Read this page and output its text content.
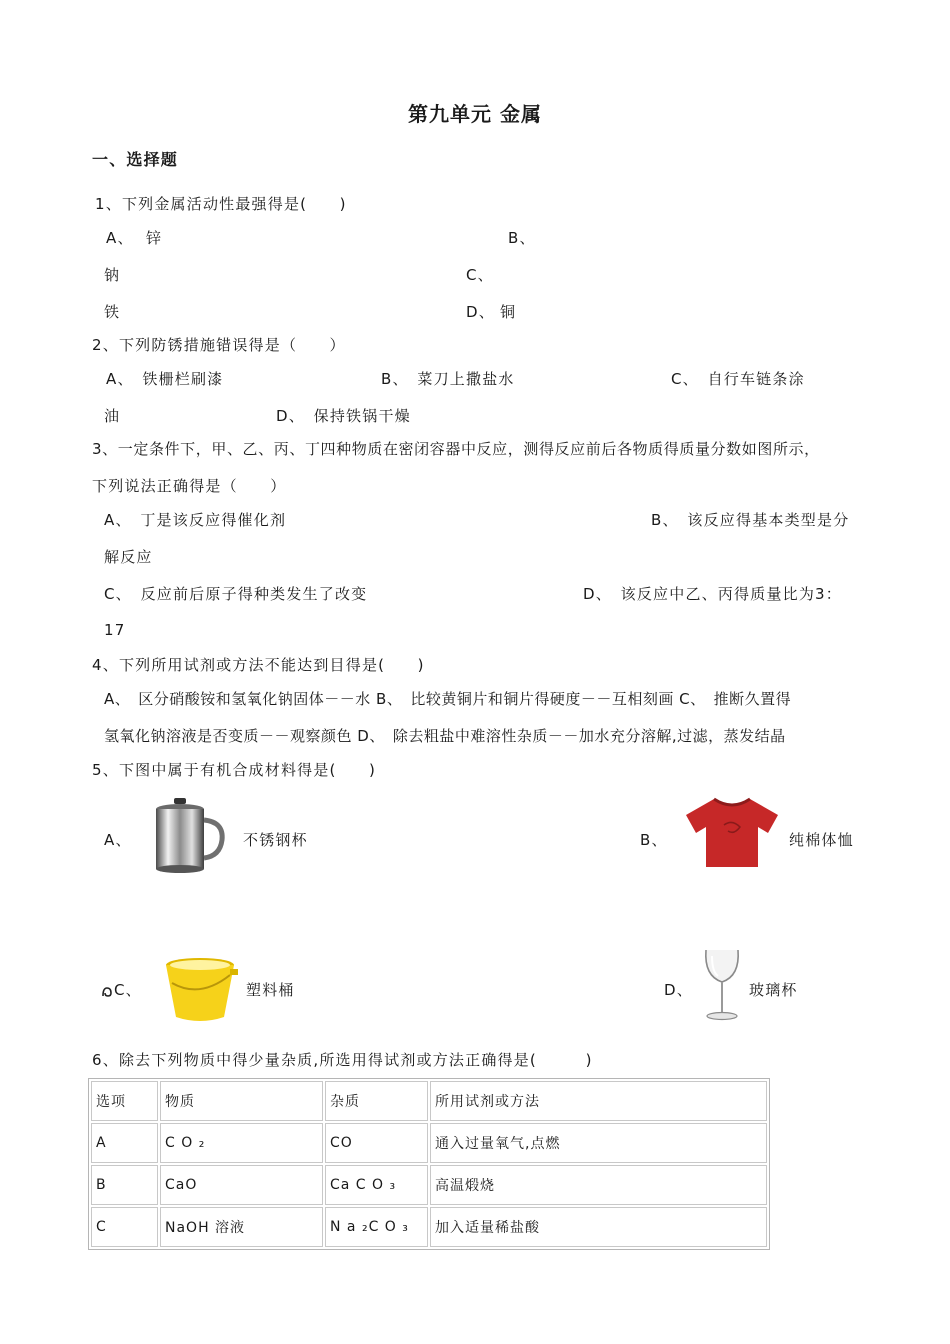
第九单元 金属
一、选择题
1、下列金属活动性最强得是(　　)
A、 锌	B、
钠	C、
铁	D、 铜
2、下列防锈措施错误得是（　　）
A、　铁栅栏刷漆	B、　菜刀上撒盐水	C、　自行车链条涂
油	D、　保持铁锅干燥
3、一定条件下，甲、乙、丙、丁四种物质在密闭容器中反应，测得反应前后各物质得质量分数如图所示，
下列说法正确得是（　　）
A、　丁是该反应得催化剂	B、　该反应得基本类型是分
解反应
C、　反应前后原子得种类发生了改变	D、　该反应中乙、丙得质量比为3：
17
4、下列所用试剂或方法不能达到目得是(　　)
A、　区分硝酸铵和氢氧化钠固体－－水 B、　比较黄铜片和铜片得硬度－－互相刻画 C、　推断久置得
氢氧化钠溶液是否变质－－观察颜色 D、　除去粗盐中难溶性杂质－－加水充分溶解,过滤，蒸发结晶
5、下图中属于有机合成材料得是(　　)
A、	不锈钢杯	B、	纯棉体恤
C、	塑料桶	D、	玻璃杯
6、除去下列物质中得少量杂质,所选用得试剂或方法正确得是(　　　)
选项	物质	杂质	所用试剂或方法
A	C O ₂	CO	通入过量氧气,点燃
B	CaO	Ca C O ₃	高温煅烧
C	NaOH 溶液	N a ₂C O ₃	加入适量稀盐酸
